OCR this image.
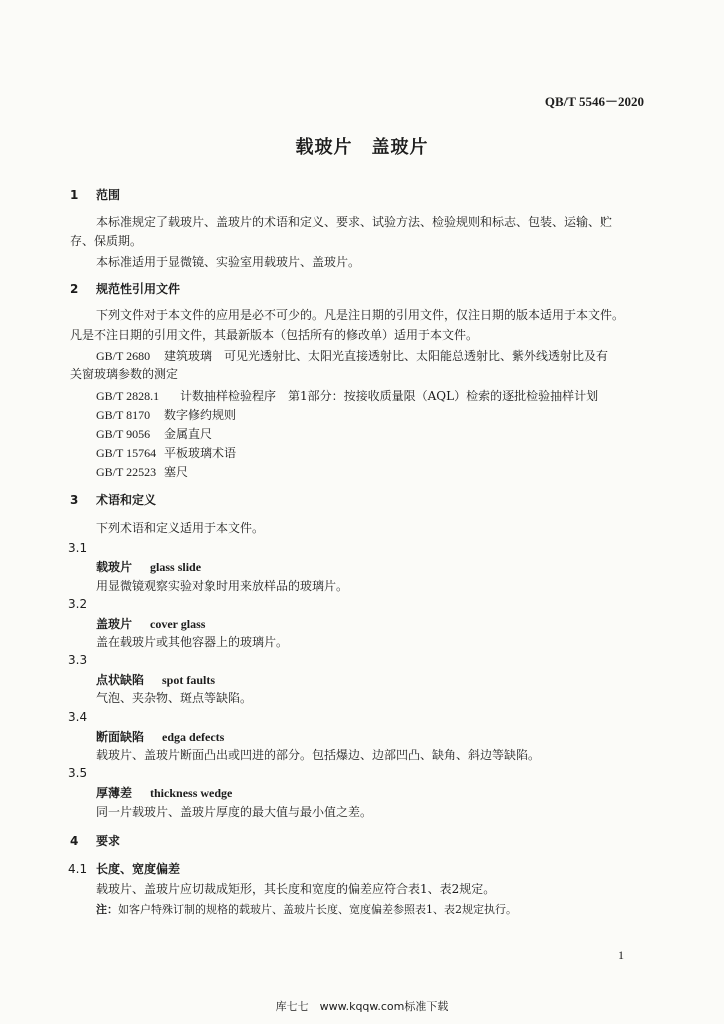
QB/T 5546－2020
载玻片　盖玻片
1 范围
本标准规定了载玻片、盖玻片的术语和定义、要求、试验方法、检验规则和标志、包装、运输、贮
存、保质期。
本标准适用于显微镜、实验室用载玻片、盖玻片。
2 规范性引用文件
下列文件对于本文件的应用是必不可少的。凡是注日期的引用文件，仅注日期的版本适用于本文件。
凡是不注日期的引用文件，其最新版本（包括所有的修改单）适用于本文件。
GB/T 2680 建筑玻璃　可见光透射比、太阳光直接透射比、太阳能总透射比、紫外线透射比及有
关窗玻璃参数的测定
GB/T 2828.1 计数抽样检验程序　第1部分：按接收质量限（AQL）检索的逐批检验抽样计划
GB/T 8170 数字修约规则
GB/T 9056 金属直尺
GB/T 15764 平板玻璃术语
GB/T 22523 塞尺
3 术语和定义
下列术语和定义适用于本文件。
3.1
载玻片 glass slide
用显微镜观察实验对象时用来放样品的玻璃片。
3.2
盖玻片 cover glass
盖在载玻片或其他容器上的玻璃片。
3.3
点状缺陷 spot faults
气泡、夹杂物、斑点等缺陷。
3.4
断面缺陷 edga defects
载玻片、盖玻片断面凸出或凹进的部分。包括爆边、边部凹凸、缺角、斜边等缺陷。
3.5
厚薄差 thickness wedge
同一片载玻片、盖玻片厚度的最大值与最小值之差。
4 要求
4.1 长度、宽度偏差
载玻片、盖玻片应切裁成矩形，其长度和宽度的偏差应符合表1、表2规定。
注：如客户特殊订制的规格的载玻片、盖玻片长度、宽度偏差参照表1、表2规定执行。
1
库七七　www.kqqw.com标准下载
